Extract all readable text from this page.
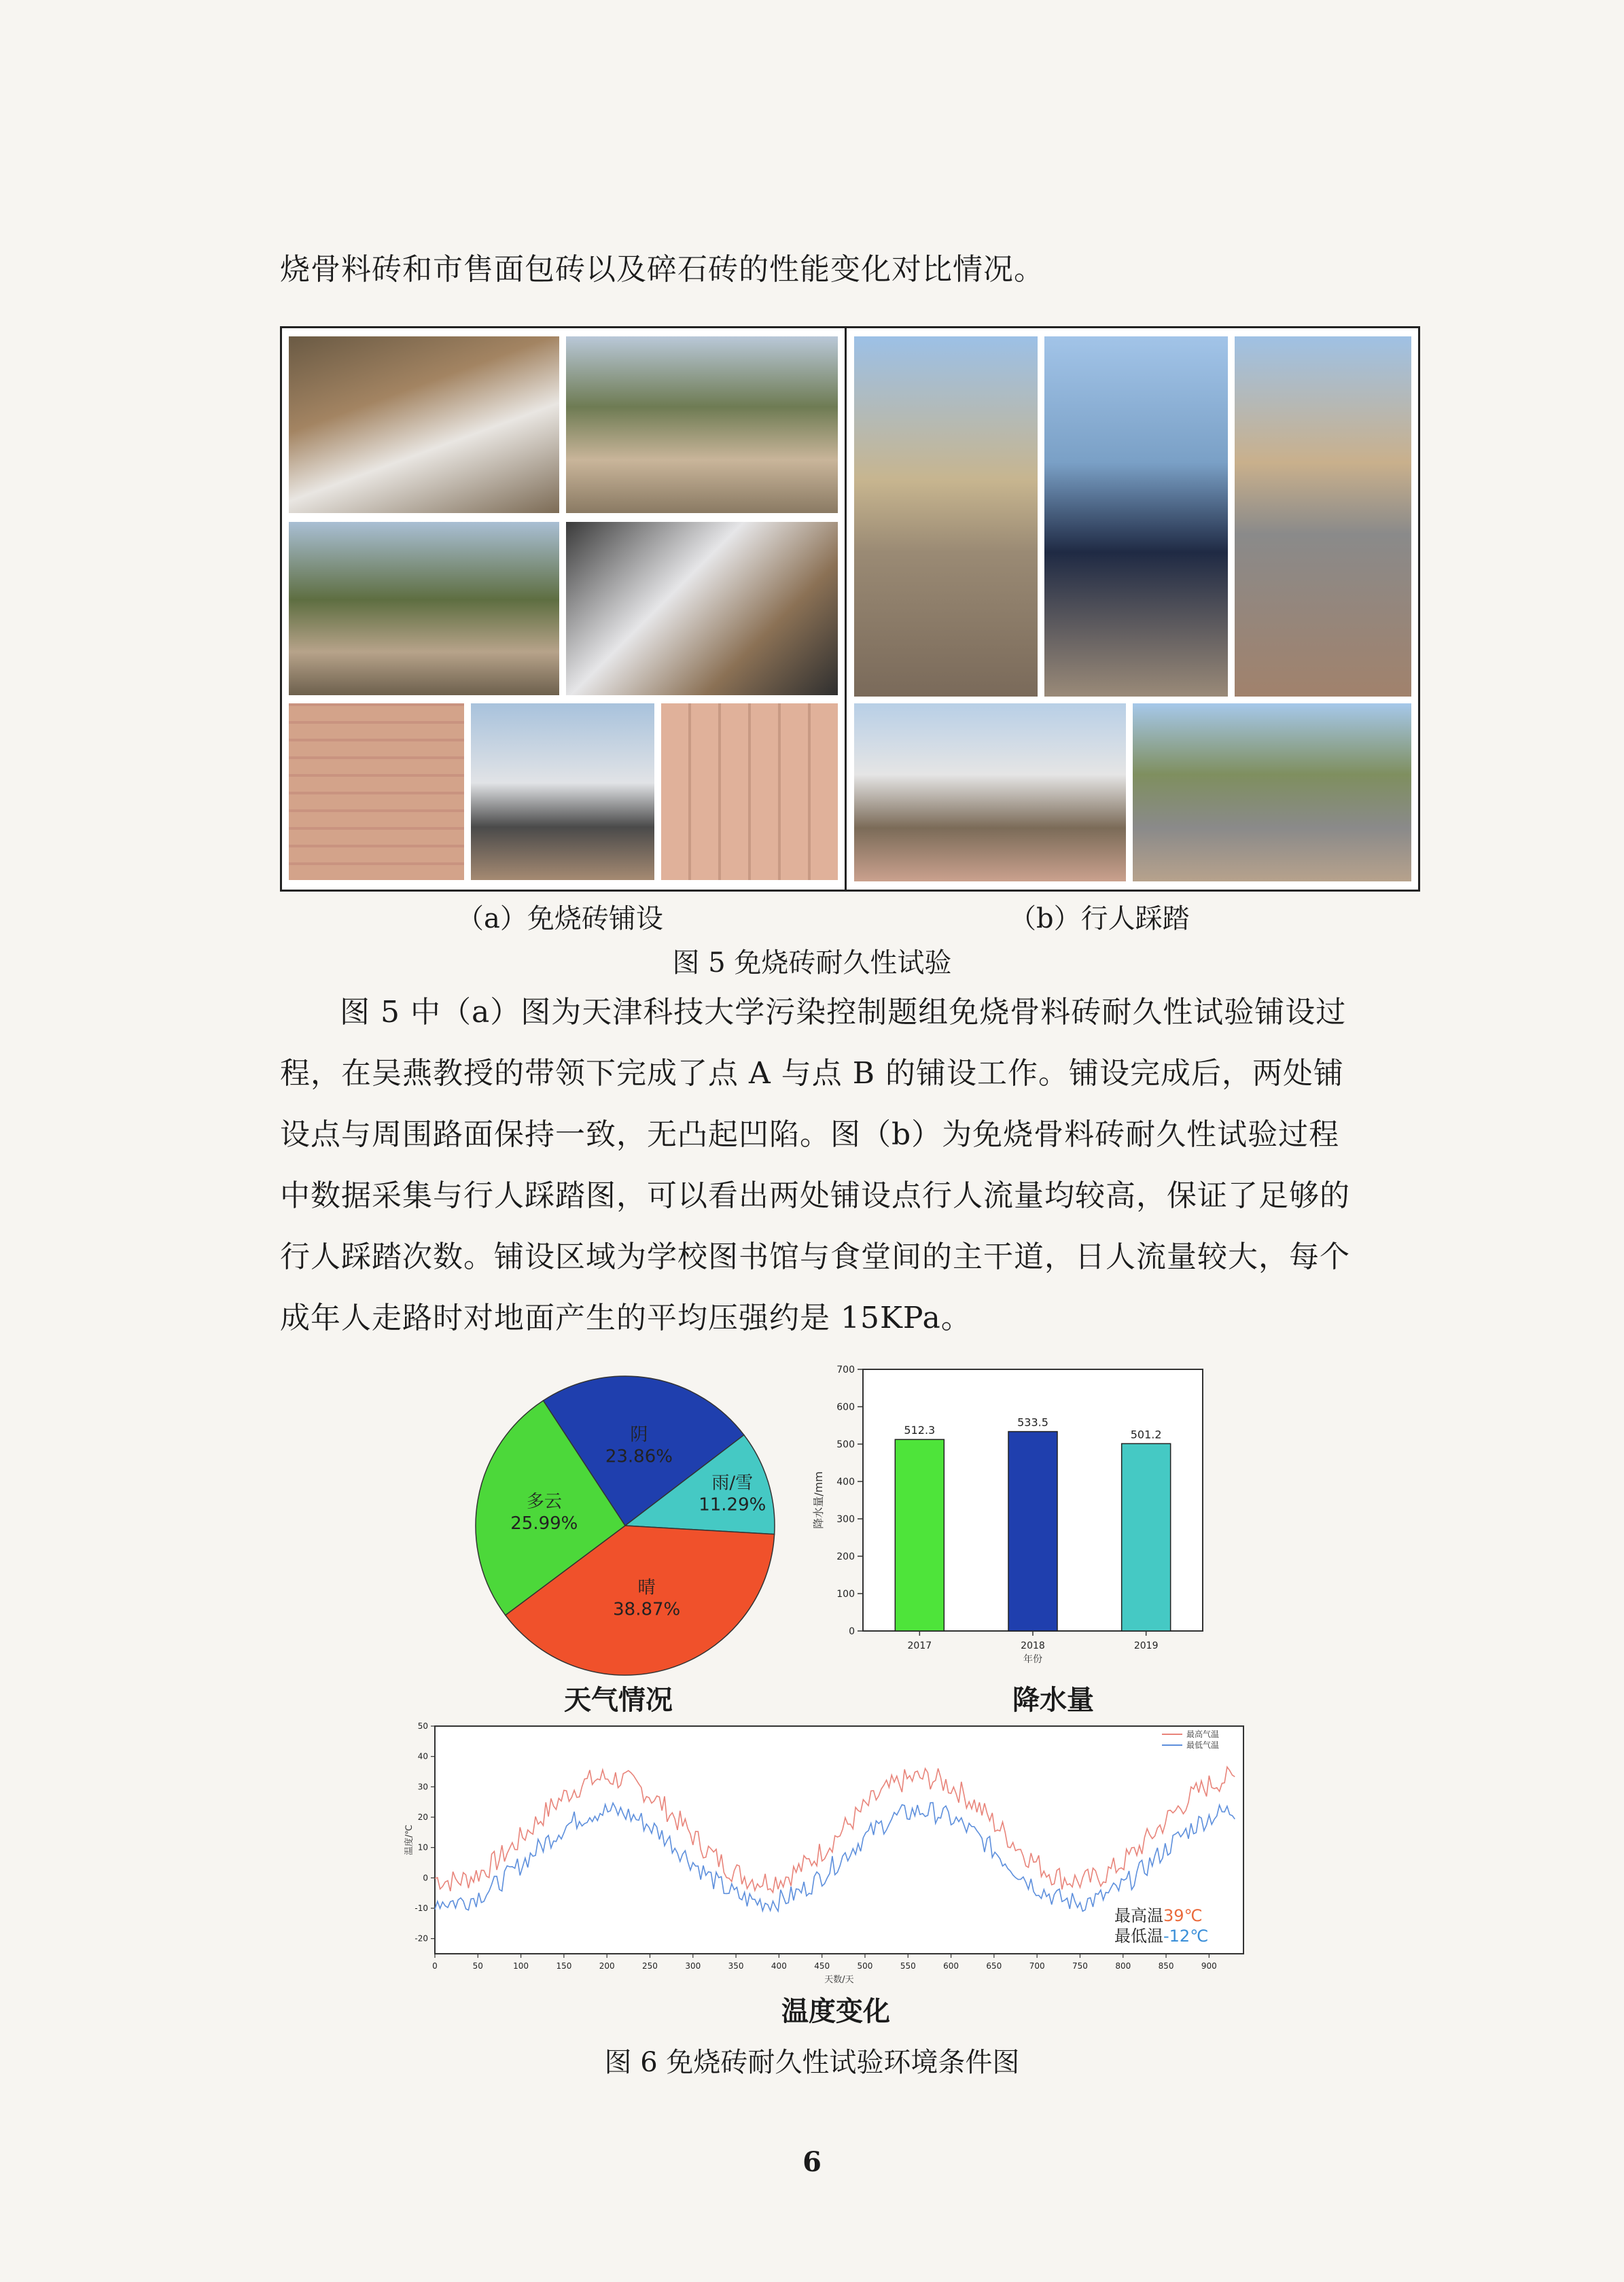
烧骨料砖和市售面包砖以及碎石砖的性能变化对比情况。
（a）免烧砖铺设	（b）行人踩踏
图 5 免烧砖耐久性试验
图 5 中（a）图为天津科技大学污染控制题组免烧骨料砖耐久性试验铺设过
程，在吴燕教授的带领下完成了点 A 与点 B 的铺设工作。铺设完成后，两处铺
设点与周围路面保持一致，无凸起凹陷。图（b）为免烧骨料砖耐久性试验过程
中数据采集与行人踩踏图，可以看出两处铺设点行人流量均较高，保证了足够的
行人踩踏次数。铺设区域为学校图书馆与食堂间的主干道，日人流量较大，每个
成年人走路时对地面产生的平均压强约是 15KPa。
阴
23.86%
雨/雪
11.29%
晴
38.87%
多云
25.99%
天气情况
0
100
200
300
400
500
600
700
512.3
2017
533.5
2018
501.2
2019
年份
降水量/mm
降水量
-20
-10
0
10
20
30
40
50
0	50	100	150	200	250	300	350	400	450	500	550	600	650	700	750	800	850	900
天数/天
温度/℃
最高气温
最低气温
最高温39℃
最低温-12℃
温度变化
图 6 免烧砖耐久性试验环境条件图
6
